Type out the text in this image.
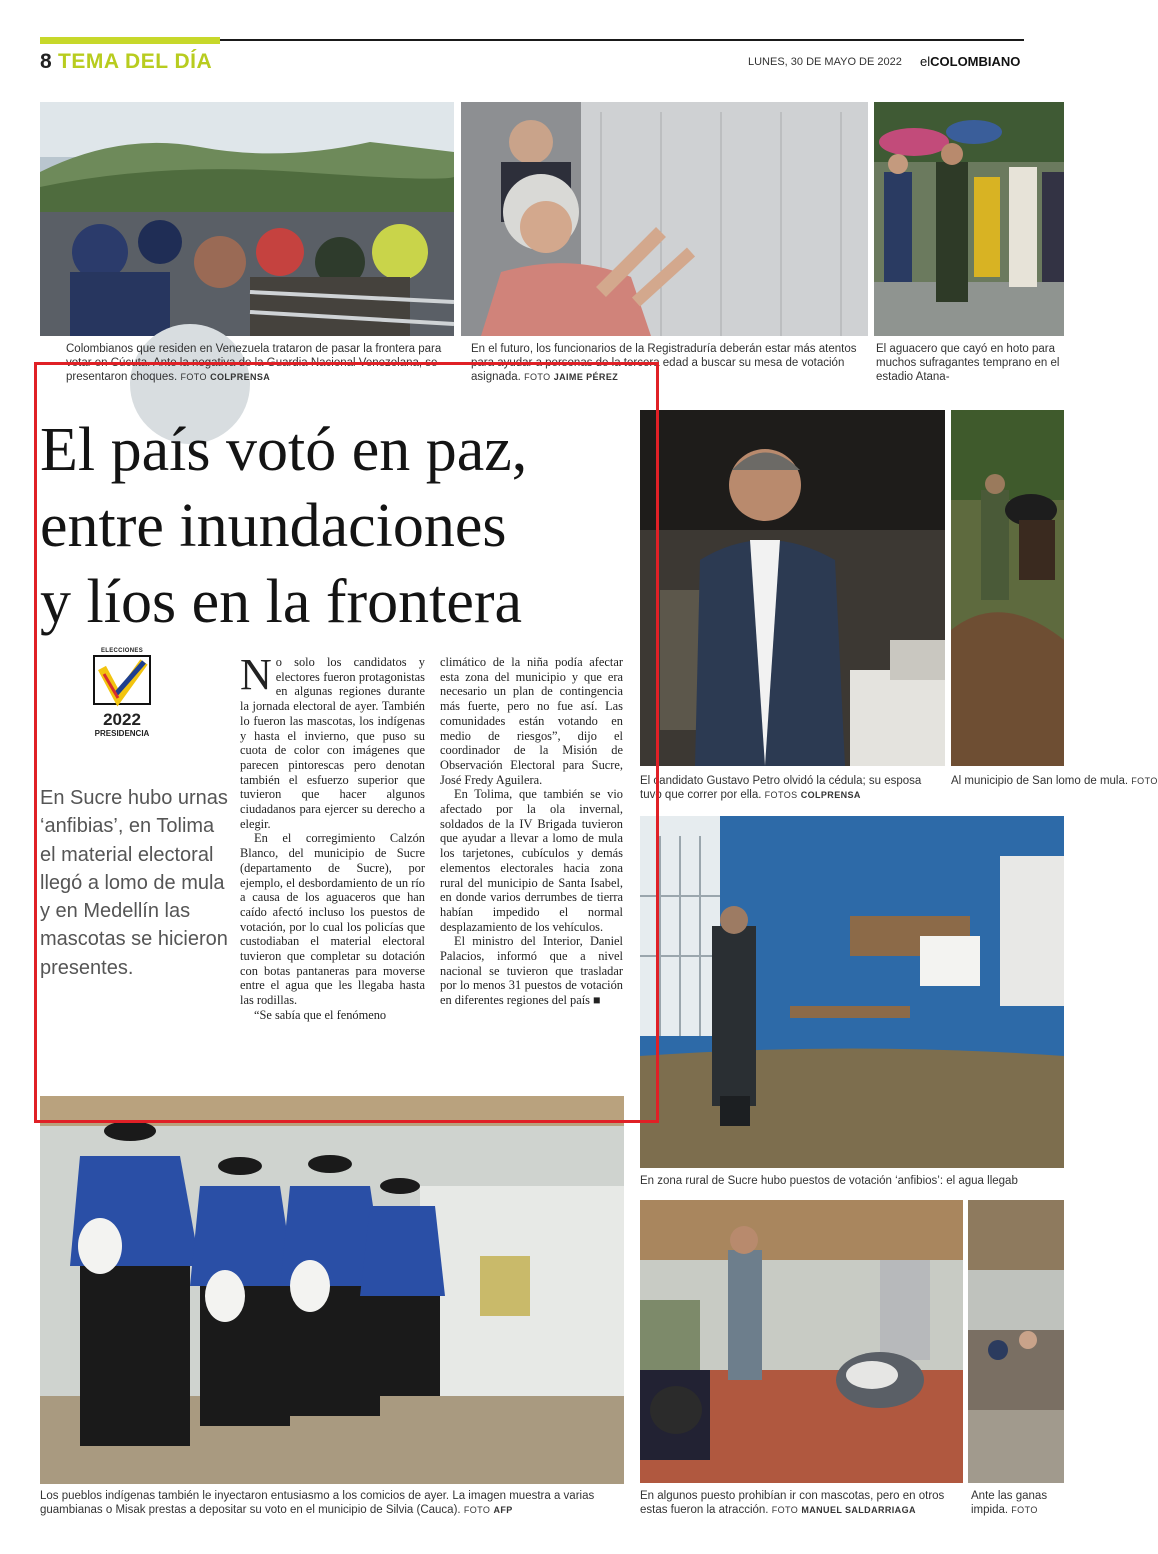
8 TEMA DEL DÍA	LUNES, 30 DE MAYO DE 2022 elCOLOMBIANO
Colombianos que residen en Venezuela trataron de pasar la frontera para votar en Cúcuta. Ante la negativa de la Guardia Nacional Venezolana, se presentaron choques. FOTO COLPRENSA
En el futuro, los funcionarios de la Registraduría deberán estar más atentos para ayudar a personas de la tercera edad a buscar su mesa de votación asignada. FOTO JAIME PÉREZ
El aguacero que cayó en hoto para muchos sufragantes temprano en el estadio Atana-
El país votó en paz,
entre inundaciones
y líos en la frontera
ELECCIONES
2022
PRESIDENCIA
En Sucre hubo urnas ‘anfibias’, en Tolima el material electoral llegó a lomo de mula y en Medellín las mascotas se hicieron presentes.

No solo los candidatos y electores fueron protagonistas en algunas regiones durante la jornada electoral de ayer. También lo fueron las mascotas, los indígenas y hasta el invierno, que puso su cuota de color con imágenes que parecen pintorescas pero denotan también el esfuerzo superior que tuvieron que hacer algunos ciudadanos para ejercer su derecho a elegir.

En el corregimiento Calzón Blanco, del municipio de Sucre (departamento de Sucre), por ejemplo, el desbordamiento de un río a causa de los aguaceros que han caído afectó incluso los puestos de votación, por lo cual los policías que custodiaban el material electoral tuvieron que completar su dotación con botas pantaneras para moverse entre el agua que les llegaba hasta las rodillas.

“Se sabía que el fenómeno

climático de la niña podía afectar esta zona del municipio y que era necesario un plan de contingencia más fuerte, pero no fue así. Las comunidades están votando en medio de riesgos”, dijo el coordinador de la Misión de Observación Electoral para Sucre, José Fredy Aguilera.

En Tolima, que también se vio afectado por la ola invernal, soldados de la IV Brigada tuvieron que ayudar a llevar a lomo de mula los tarjetones, cubículos y demás elementos electorales hacia zona rural del municipio de Santa Isabel, en donde varios derrumbes de tierra habían impedido el normal desplazamiento de los vehículos.

El ministro del Interior, Daniel Palacios, informó que a nivel nacional se tuvieron que trasladar por lo menos 31 puestos de votación en diferentes regiones del país ■

El candidato Gustavo Petro olvidó la cédula; su esposa tuvo que correr por ella. FOTOS COLPRENSA
Al municipio de San lomo de mula. FOTO
En zona rural de Sucre hubo puestos de votación ‘anfibios’: el agua llegab
Los pueblos indígenas también le inyectaron entusiasmo a los comicios de ayer. La imagen muestra a varias guambianas o Misak prestas a depositar su voto en el municipio de Silvia (Cauca). FOTO AFP
En algunos puesto prohibían ir con mascotas, pero en otros estas fueron la atracción. FOTO MANUEL SALDARRIAGA
Ante las ganas impida. FOTO
